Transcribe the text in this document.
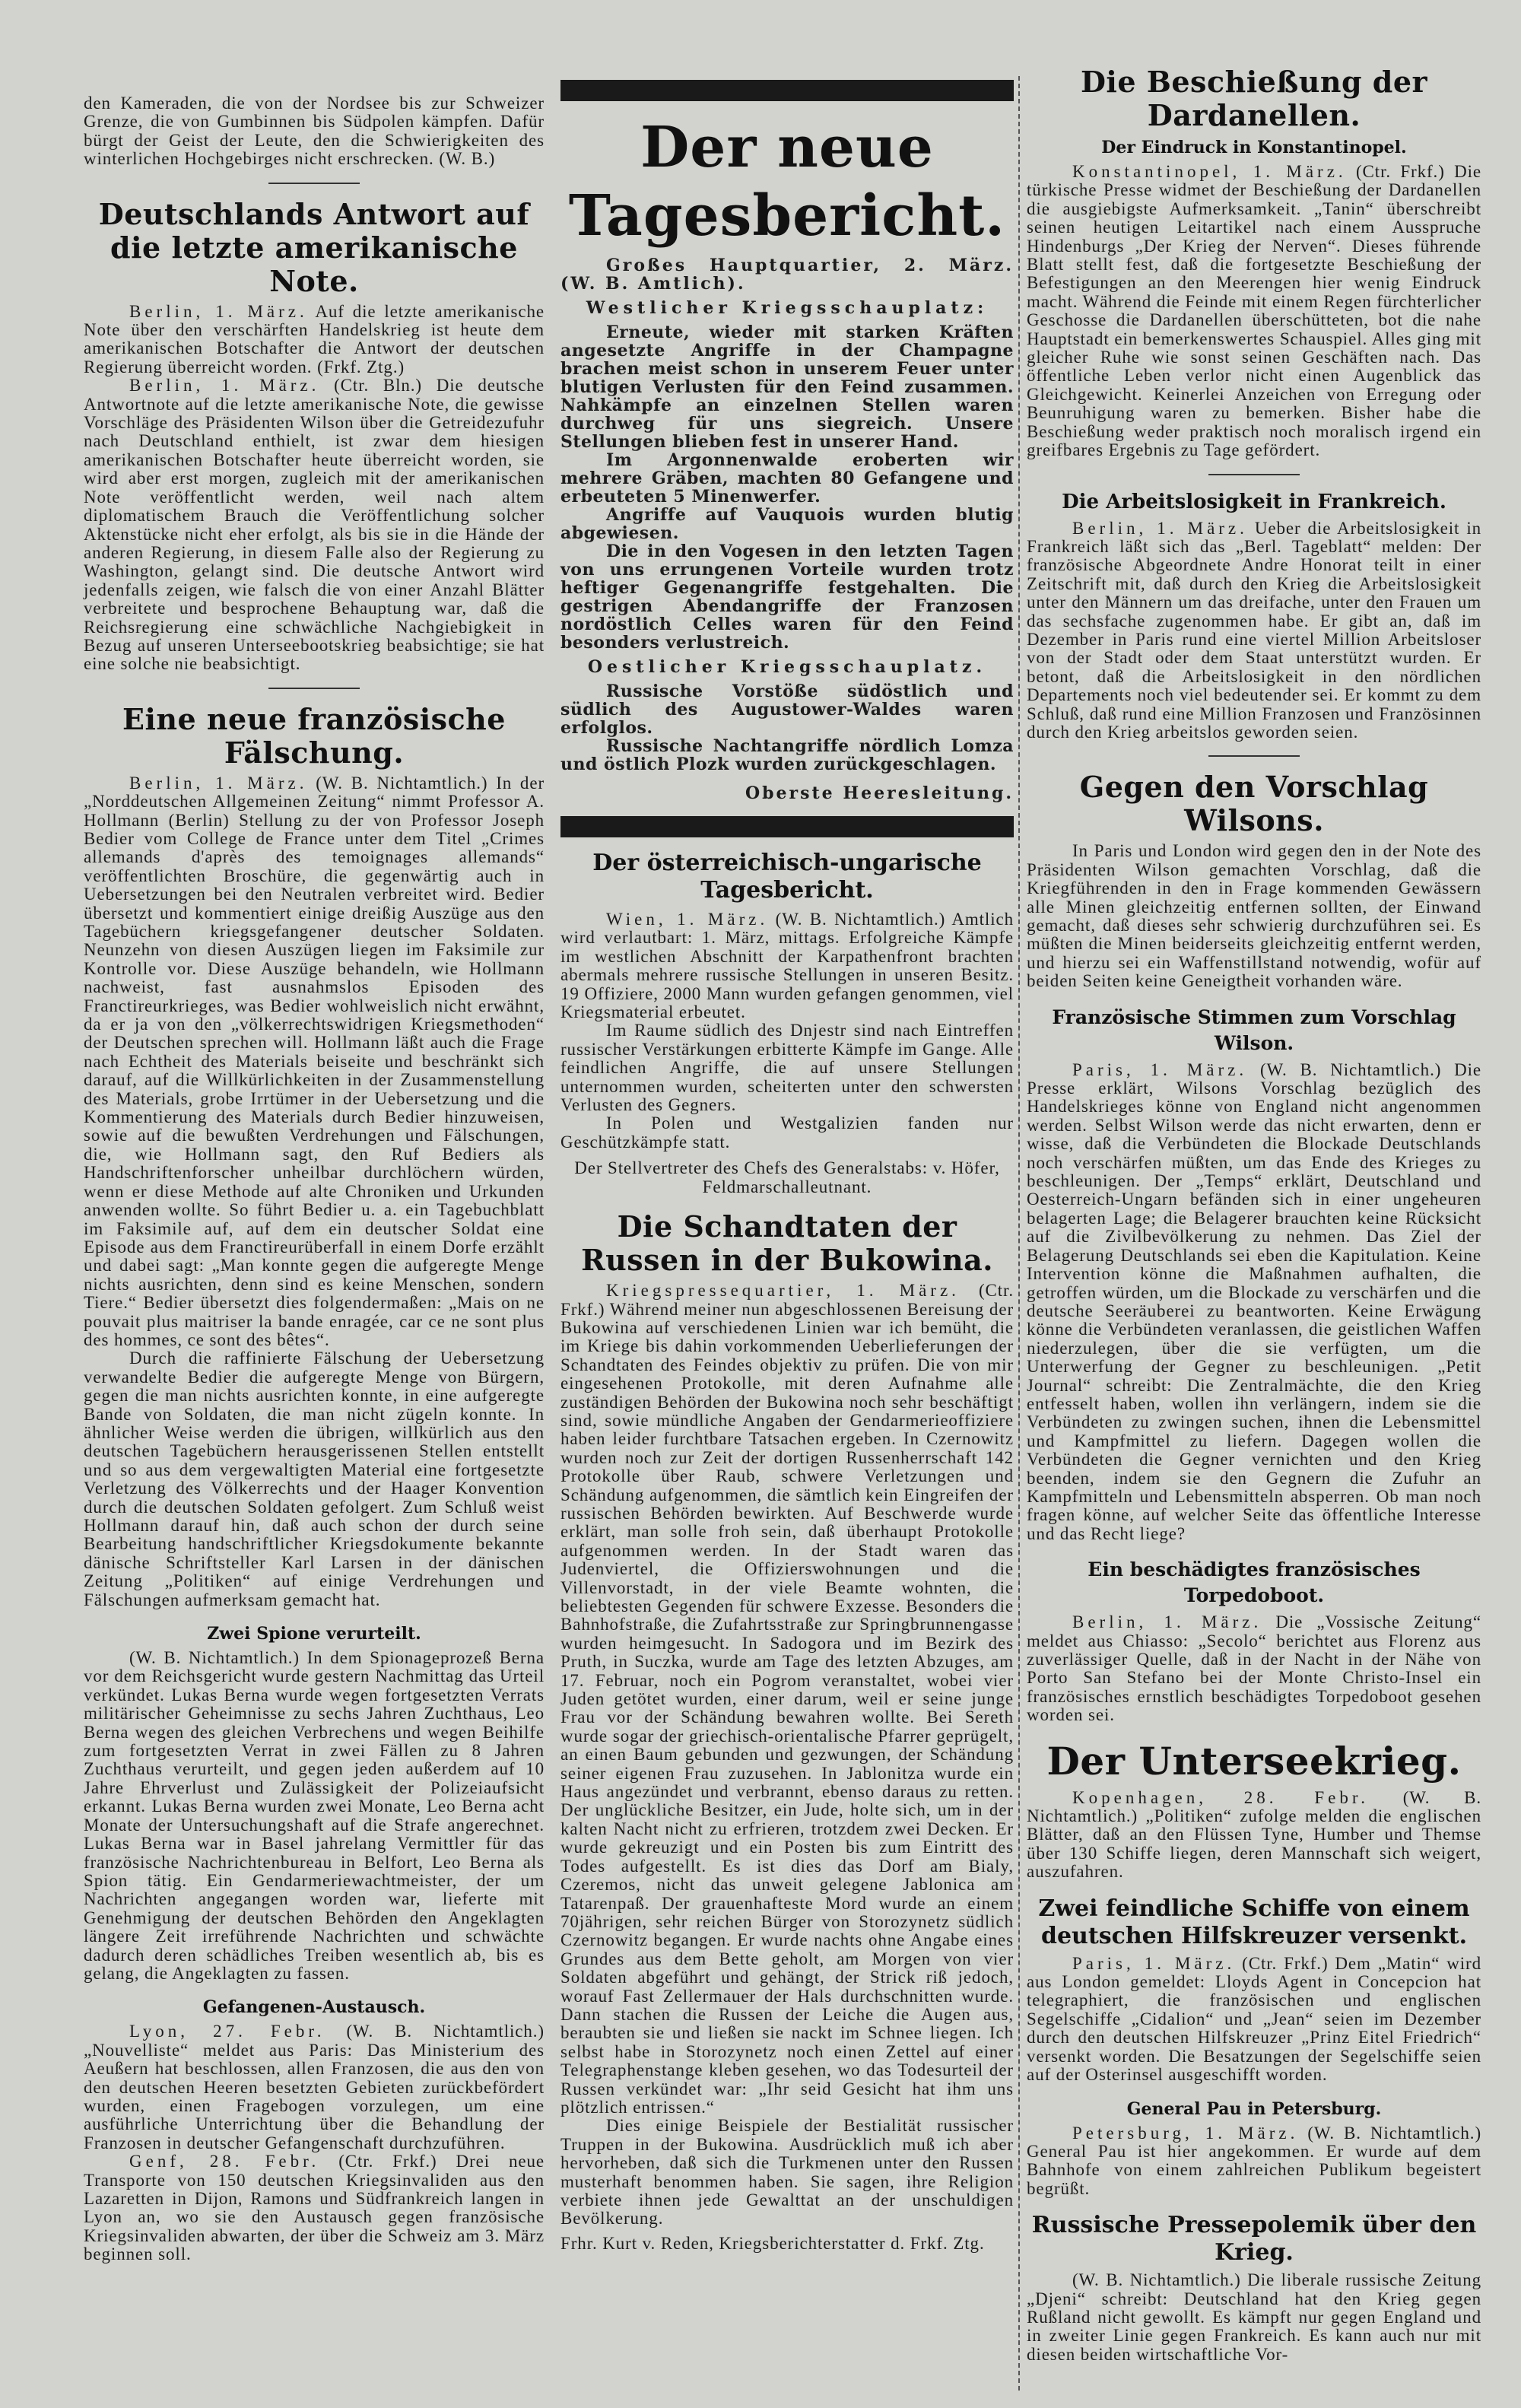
den Kameraden, die von der Nordsee bis zur Schweizer Grenze, die von Gumbinnen bis Südpolen kämpfen. Dafür bürgt der Geist der Leute, den die Schwierigkeiten des winterlichen Hochgebirges nicht erschrecken. (W. B.)

Deutschlands Antwort auf die letzte amerikanische Note.

Berlin, 1. März. Auf die letzte amerikanische Note über den verschärften Handelskrieg ist heute dem amerikanischen Botschafter die Antwort der deutschen Regierung überreicht worden. (Frkf. Ztg.)

Berlin, 1. März. (Ctr. Bln.) Die deutsche Antwortnote auf die letzte amerikanische Note, die gewisse Vorschläge des Präsidenten Wilson über die Getreidezufuhr nach Deutschland enthielt, ist zwar dem hiesigen amerikanischen Botschafter heute überreicht worden, sie wird aber erst morgen, zugleich mit der amerikanischen Note veröffentlicht werden, weil nach altem diplomatischem Brauch die Veröffentlichung solcher Aktenstücke nicht eher erfolgt, als bis sie in die Hände der anderen Regierung, in diesem Falle also der Regierung zu Washington, gelangt sind. Die deutsche Antwort wird jedenfalls zeigen, wie falsch die von einer Anzahl Blätter verbreitete und besprochene Behauptung war, daß die Reichsregierung eine schwächliche Nachgiebigkeit in Bezug auf unseren Unterseebootskrieg beabsichtige; sie hat eine solche nie beabsichtigt.

Eine neue französische Fälschung.

Berlin, 1. März. (W. B. Nichtamtlich.) In der „Norddeutschen Allgemeinen Zeitung“ nimmt Professor A. Hollmann (Berlin) Stellung zu der von Professor Joseph Bedier vom College de France unter dem Titel „Crimes allemands d'après des temoignages allemands“ veröffentlichten Broschüre, die gegenwärtig auch in Uebersetzungen bei den Neutralen verbreitet wird. Bedier übersetzt und kommentiert einige dreißig Auszüge aus den Tagebüchern kriegsgefangener deutscher Soldaten. Neunzehn von diesen Auszügen liegen im Faksimile zur Kontrolle vor. Diese Auszüge behandeln, wie Hollmann nachweist, fast ausnahmslos Episoden des Franctireurkrieges, was Bedier wohlweislich nicht erwähnt, da er ja von den „völkerrechtswidrigen Kriegsmethoden“ der Deutschen sprechen will. Hollmann läßt auch die Frage nach Echtheit des Materials beiseite und beschränkt sich darauf, auf die Willkürlichkeiten in der Zusammenstellung des Materials, grobe Irrtümer in der Uebersetzung und die Kommentierung des Materials durch Bedier hinzuweisen, sowie auf die bewußten Verdrehungen und Fälschungen, die, wie Hollmann sagt, den Ruf Bediers als Handschriftenforscher unheilbar durchlöchern würden, wenn er diese Methode auf alte Chroniken und Urkunden anwenden wollte. So führt Bedier u. a. ein Tagebuchblatt im Faksimile auf, auf dem ein deutscher Soldat eine Episode aus dem Franctireurüberfall in einem Dorfe erzählt und dabei sagt: „Man konnte gegen die aufgeregte Menge nichts ausrichten, denn sind es keine Menschen, sondern Tiere.“ Bedier übersetzt dies folgendermaßen: „Mais on ne pouvait plus maitriser la bande enragée, car ce ne sont plus des hommes, ce sont des bêtes“.

Durch die raffinierte Fälschung der Uebersetzung verwandelte Bedier die aufgeregte Menge von Bürgern, gegen die man nichts ausrichten konnte, in eine aufgeregte Bande von Soldaten, die man nicht zügeln konnte. In ähnlicher Weise werden die übrigen, willkürlich aus den deutschen Tagebüchern herausgerissenen Stellen entstellt und so aus dem vergewaltigten Material eine fortgesetzte Verletzung des Völkerrechts und der Haager Konvention durch die deutschen Soldaten gefolgert. Zum Schluß weist Hollmann darauf hin, daß auch schon der durch seine Bearbeitung handschriftlicher Kriegsdokumente bekannte dänische Schriftsteller Karl Larsen in der dänischen Zeitung „Politiken“ auf einige Verdrehungen und Fälschungen aufmerksam gemacht hat.

Zwei Spione verurteilt.

(W. B. Nichtamtlich.) In dem Spionageprozeß Berna vor dem Reichsgericht wurde gestern Nachmittag das Urteil verkündet. Lukas Berna wurde wegen fortgesetzten Verrats militärischer Geheimnisse zu sechs Jahren Zuchthaus, Leo Berna wegen des gleichen Verbrechens und wegen Beihilfe zum fortgesetzten Verrat in zwei Fällen zu 8 Jahren Zuchthaus verurteilt, und gegen jeden außerdem auf 10 Jahre Ehrverlust und Zulässigkeit der Polizeiaufsicht erkannt. Lukas Berna wurden zwei Monate, Leo Berna acht Monate der Untersuchungshaft auf die Strafe angerechnet. Lukas Berna war in Basel jahrelang Vermittler für das französische Nachrichtenbureau in Belfort, Leo Berna als Spion tätig. Ein Gendarmeriewachtmeister, der um Nachrichten angegangen worden war, lieferte mit Genehmigung der deutschen Behörden den Angeklagten längere Zeit irreführende Nachrichten und schwächte dadurch deren schädliches Treiben wesentlich ab, bis es gelang, die Angeklagten zu fassen.

Gefangenen-Austausch.

Lyon, 27. Febr. (W. B. Nichtamtlich.) „Nouvelliste“ meldet aus Paris: Das Ministerium des Aeußern hat beschlossen, allen Franzosen, die aus den von den deutschen Heeren besetzten Gebieten zurückbefördert wurden, einen Fragebogen vorzulegen, um eine ausführliche Unterrichtung über die Behandlung der Franzosen in deutscher Gefangenschaft durchzuführen.

Genf, 28. Febr. (Ctr. Frkf.) Drei neue Transporte von 150 deutschen Kriegsinvaliden aus den Lazaretten in Dijon, Ramons und Südfrankreich langen in Lyon an, wo sie den Austausch gegen französische Kriegsinvaliden abwarten, der über die Schweiz am 3. März beginnen soll.

Der neue Tagesbericht.

Großes Hauptquartier, 2. März. (W. B. Amtlich).

Westlicher Kriegsschauplatz:

Erneute, wieder mit starken Kräften angesetzte Angriffe in der Champagne brachen meist schon in unserem Feuer unter blutigen Verlusten für den Feind zusammen. Nahkämpfe an einzelnen Stellen waren durchweg für uns siegreich. Unsere Stellungen blieben fest in unserer Hand.

Im Argonnenwalde eroberten wir mehrere Gräben, machten 80 Gefangene und erbeuteten 5 Minenwerfer.

Angriffe auf Vauquois wurden blutig abgewiesen.

Die in den Vogesen in den letzten Tagen von uns errungenen Vorteile wurden trotz heftiger Gegenangriffe festgehalten. Die gestrigen Abendangriffe der Franzosen nordöstlich Celles waren für den Feind besonders verlustreich.

Oestlicher Kriegsschauplatz.

Russische Vorstöße südöstlich und südlich des Augustower-Waldes waren erfolglos.

Russische Nachtangriffe nördlich Lomza und östlich Plozk wurden zurückgeschlagen.

Oberste Heeresleitung.

Der österreichisch-ungarische Tagesbericht.

Wien, 1. März. (W. B. Nichtamtlich.) Amtlich wird verlautbart: 1. März, mittags. Erfolgreiche Kämpfe im westlichen Abschnitt der Karpathenfront brachten abermals mehrere russische Stellungen in unseren Besitz. 19 Offiziere, 2000 Mann wurden gefangen genommen, viel Kriegsmaterial erbeutet.

Im Raume südlich des Dnjestr sind nach Eintreffen russischer Verstärkungen erbitterte Kämpfe im Gange. Alle feindlichen Angriffe, die auf unsere Stellungen unternommen wurden, scheiterten unter den schwersten Verlusten des Gegners.

In Polen und Westgalizien fanden nur Geschützkämpfe statt.

Der Stellvertreter des Chefs des Generalstabs: v. Höfer, Feldmarschalleutnant.

Die Schandtaten der Russen in der Bukowina.

Kriegspressequartier, 1. März. (Ctr. Frkf.) Während meiner nun abgeschlossenen Bereisung der Bukowina auf verschiedenen Linien war ich bemüht, die im Kriege bis dahin vorkommenden Ueberlieferungen der Schandtaten des Feindes objektiv zu prüfen. Die von mir eingesehenen Protokolle, mit deren Aufnahme alle zuständigen Behörden der Bukowina noch sehr beschäftigt sind, sowie mündliche Angaben der Gendarmerieoffiziere haben leider furchtbare Tatsachen ergeben. In Czernowitz wurden noch zur Zeit der dortigen Russenherrschaft 142 Protokolle über Raub, schwere Verletzungen und Schändung aufgenommen, die sämtlich kein Eingreifen der russischen Behörden bewirkten. Auf Beschwerde wurde erklärt, man solle froh sein, daß überhaupt Protokolle aufgenommen werden. In der Stadt waren das Judenviertel, die Offizierswohnungen und die Villenvorstadt, in der viele Beamte wohnten, die beliebtesten Gegenden für schwere Exzesse. Besonders die Bahnhofstraße, die Zufahrtsstraße zur Springbrunnengasse wurden heimgesucht. In Sadogora und im Bezirk des Pruth, in Suczka, wurde am Tage des letzten Abzuges, am 17. Februar, noch ein Pogrom veranstaltet, wobei vier Juden getötet wurden, einer darum, weil er seine junge Frau vor der Schändung bewahren wollte. Bei Sereth wurde sogar der griechisch-orientalische Pfarrer geprügelt, an einen Baum gebunden und gezwungen, der Schändung seiner eigenen Frau zuzusehen. In Jablonitza wurde ein Haus angezündet und verbrannt, ebenso daraus zu retten. Der unglückliche Besitzer, ein Jude, holte sich, um in der kalten Nacht nicht zu erfrieren, trotzdem zwei Decken. Er wurde gekreuzigt und ein Posten bis zum Eintritt des Todes aufgestellt. Es ist dies das Dorf am Bialy, Czeremos, nicht das unweit gelegene Jablonica am Tatarenpaß. Der grauenhafteste Mord wurde an einem 70jährigen, sehr reichen Bürger von Storozynetz südlich Czernowitz begangen. Er wurde nachts ohne Angabe eines Grundes aus dem Bette geholt, am Morgen von vier Soldaten abgeführt und gehängt, der Strick riß jedoch, worauf Fast Zellermauer der Hals durchschnitten wurde. Dann stachen die Russen der Leiche die Augen aus, beraubten sie und ließen sie nackt im Schnee liegen. Ich selbst habe in Storozynetz noch einen Zettel auf einer Telegraphenstange kleben gesehen, wo das Todesurteil der Russen verkündet war: „Ihr seid Gesicht hat ihm uns plötzlich entrissen.“

Dies einige Beispiele der Bestialität russischer Truppen in der Bukowina. Ausdrücklich muß ich aber hervorheben, daß sich die Turkmenen unter den Russen musterhaft benommen haben. Sie sagen, ihre Religion verbiete ihnen jede Gewalttat an der unschuldigen Bevölkerung.

Frhr. Kurt v. Reden, Kriegsberichterstatter d. Frkf. Ztg.

Die Beschießung der Dardanellen.
Der Eindruck in Konstantinopel.

Konstantinopel, 1. März. (Ctr. Frkf.) Die türkische Presse widmet der Beschießung der Dardanellen die ausgiebigste Aufmerksamkeit. „Tanin“ überschreibt seinen heutigen Leitartikel nach einem Ausspruche Hindenburgs „Der Krieg der Nerven“. Dieses führende Blatt stellt fest, daß die fortgesetzte Beschießung der Befestigungen an den Meerengen hier wenig Eindruck macht. Während die Feinde mit einem Regen fürchterlicher Geschosse die Dardanellen überschütteten, bot die nahe Hauptstadt ein bemerkenswertes Schauspiel. Alles ging mit gleicher Ruhe wie sonst seinen Geschäften nach. Das öffentliche Leben verlor nicht einen Augenblick das Gleichgewicht. Keinerlei Anzeichen von Erregung oder Beunruhigung waren zu bemerken. Bisher habe die Beschießung weder praktisch noch moralisch irgend ein greifbares Ergebnis zu Tage gefördert.

Die Arbeitslosigkeit in Frankreich.

Berlin, 1. März. Ueber die Arbeitslosigkeit in Frankreich läßt sich das „Berl. Tageblatt“ melden: Der französische Abgeordnete Andre Honorat teilt in einer Zeitschrift mit, daß durch den Krieg die Arbeitslosigkeit unter den Männern um das dreifache, unter den Frauen um das sechsfache zugenommen habe. Er gibt an, daß im Dezember in Paris rund eine viertel Million Arbeitsloser von der Stadt oder dem Staat unterstützt wurden. Er betont, daß die Arbeitslosigkeit in den nördlichen Departements noch viel bedeutender sei. Er kommt zu dem Schluß, daß rund eine Million Franzosen und Französinnen durch den Krieg arbeitslos geworden seien.

Gegen den Vorschlag Wilsons.

In Paris und London wird gegen den in der Note des Präsidenten Wilson gemachten Vorschlag, daß die Kriegführenden in den in Frage kommenden Gewässern alle Minen gleichzeitig entfernen sollten, der Einwand gemacht, daß dieses sehr schwierig durchzuführen sei. Es müßten die Minen beiderseits gleichzeitig entfernt werden, und hierzu sei ein Waffenstillstand notwendig, wofür auf beiden Seiten keine Geneigtheit vorhanden wäre.

Französische Stimmen zum Vorschlag Wilson.

Paris, 1. März. (W. B. Nichtamtlich.) Die Presse erklärt, Wilsons Vorschlag bezüglich des Handelskrieges könne von England nicht angenommen werden. Selbst Wilson werde das nicht erwarten, denn er wisse, daß die Verbündeten die Blockade Deutschlands noch verschärfen müßten, um das Ende des Krieges zu beschleunigen. Der „Temps“ erklärt, Deutschland und Oesterreich-Ungarn befänden sich in einer ungeheuren belagerten Lage; die Belagerer brauchten keine Rücksicht auf die Zivilbevölkerung zu nehmen. Das Ziel der Belagerung Deutschlands sei eben die Kapitulation. Keine Intervention könne die Maßnahmen aufhalten, die getroffen würden, um die Blockade zu verschärfen und die deutsche Seeräuberei zu beantworten. Keine Erwägung könne die Verbündeten veranlassen, die geistlichen Waffen niederzulegen, über die sie verfügten, um die Unterwerfung der Gegner zu beschleunigen. „Petit Journal“ schreibt: Die Zentralmächte, die den Krieg entfesselt haben, wollen ihn verlängern, indem sie die Verbündeten zu zwingen suchen, ihnen die Lebensmittel und Kampfmittel zu liefern. Dagegen wollen die Verbündeten die Gegner vernichten und den Krieg beenden, indem sie den Gegnern die Zufuhr an Kampfmitteln und Lebensmitteln absperren. Ob man noch fragen könne, auf welcher Seite das öffentliche Interesse und das Recht liege?

Ein beschädigtes französisches Torpedoboot.

Berlin, 1. März. Die „Vossische Zeitung“ meldet aus Chiasso: „Secolo“ berichtet aus Florenz aus zuverlässiger Quelle, daß in der Nacht in der Nähe von Porto San Stefano bei der Monte Christo-Insel ein französisches ernstlich beschädigtes Torpedoboot gesehen worden sei.

Der Unterseekrieg.

Kopenhagen, 28. Febr. (W. B. Nichtamtlich.) „Politiken“ zufolge melden die englischen Blätter, daß an den Flüssen Tyne, Humber und Themse über 130 Schiffe liegen, deren Mannschaft sich weigert, auszufahren.

Zwei feindliche Schiffe von einem deutschen Hilfskreuzer versenkt.

Paris, 1. März. (Ctr. Frkf.) Dem „Matin“ wird aus London gemeldet: Lloyds Agent in Concepcion hat telegraphiert, die französischen und englischen Segelschiffe „Cidalion“ und „Jean“ seien im Dezember durch den deutschen Hilfskreuzer „Prinz Eitel Friedrich“ versenkt worden. Die Besatzungen der Segelschiffe seien auf der Osterinsel ausgeschifft worden.

General Pau in Petersburg.

Petersburg, 1. März. (W. B. Nichtamtlich.) General Pau ist hier angekommen. Er wurde auf dem Bahnhofe von einem zahlreichen Publikum begeistert begrüßt.

Russische Pressepolemik über den Krieg.

(W. B. Nichtamtlich.) Die liberale russische Zeitung „Djeni“ schreibt: Deutschland hat den Krieg gegen Rußland nicht gewollt. Es kämpft nur gegen England und in zweiter Linie gegen Frankreich. Es kann auch nur mit diesen beiden wirtschaftliche Vor-
